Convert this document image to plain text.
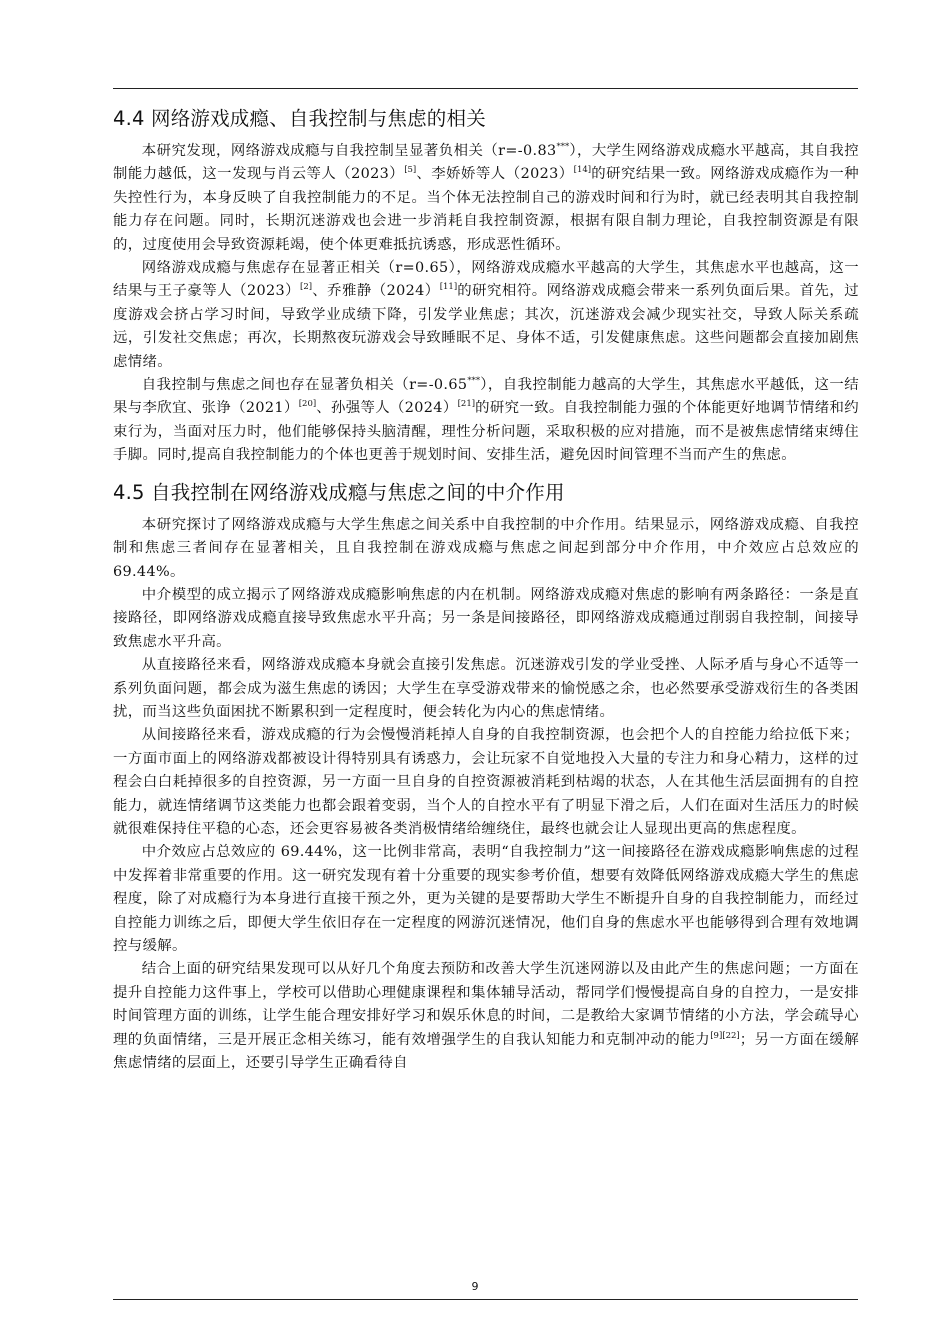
4.4 网络游戏成瘾、自我控制与焦虑的相关

本研究发现，网络游戏成瘾与自我控制呈显著负相关（r=-0.83***），大学生网络游戏成瘾水平越高，其自我控制能力越低，这一发现与肖云等人（2023）[5]、李娇娇等人（2023）[14]的研究结果一致。网络游戏成瘾作为一种失控性行为，本身反映了自我控制能力的不足。当个体无法控制自己的游戏时间和行为时，就已经表明其自我控制能力存在问题。同时，长期沉迷游戏也会进一步消耗自我控制资源，根据有限自制力理论，自我控制资源是有限的，过度使用会导致资源耗竭，使个体更难抵抗诱惑，形成恶性循环。

网络游戏成瘾与焦虑存在显著正相关（r=0.65），网络游戏成瘾水平越高的大学生，其焦虑水平也越高，这一结果与王子豪等人（2023）[2]、乔雅静（2024）[11]的研究相符。网络游戏成瘾会带来一系列负面后果。首先，过度游戏会挤占学习时间，导致学业成绩下降，引发学业焦虑；其次，沉迷游戏会减少现实社交，导致人际关系疏远，引发社交焦虑；再次，长期熬夜玩游戏会导致睡眠不足、身体不适，引发健康焦虑。这些问题都会直接加剧焦虑情绪。

自我控制与焦虑之间也存在显著负相关（r=-0.65***），自我控制能力越高的大学生，其焦虑水平越低，这一结果与李欣宜、张诤（2021）[20]、孙强等人（2024）[21]的研究一致。自我控制能力强的个体能更好地调节情绪和约束行为，当面对压力时，他们能够保持头脑清醒，理性分析问题，采取积极的应对措施，而不是被焦虑情绪束缚住手脚。同时,提高自我控制能力的个体也更善于规划时间、安排生活，避免因时间管理不当而产生的焦虑。

4.5 自我控制在网络游戏成瘾与焦虑之间的中介作用

本研究探讨了网络游戏成瘾与大学生焦虑之间关系中自我控制的中介作用。结果显示，网络游戏成瘾、自我控制和焦虑三者间存在显著相关，且自我控制在游戏成瘾与焦虑之间起到部分中介作用，中介效应占总效应的 69.44%。

中介模型的成立揭示了网络游戏成瘾影响焦虑的内在机制。网络游戏成瘾对焦虑的影响有两条路径：一条是直接路径，即网络游戏成瘾直接导致焦虑水平升高；另一条是间接路径，即网络游戏成瘾通过削弱自我控制，间接导致焦虑水平升高。

从直接路径来看，网络游戏成瘾本身就会直接引发焦虑。沉迷游戏引发的学业受挫、人际矛盾与身心不适等一系列负面问题，都会成为滋生焦虑的诱因；大学生在享受游戏带来的愉悦感之余，也必然要承受游戏衍生的各类困扰，而当这些负面困扰不断累积到一定程度时，便会转化为内心的焦虑情绪。

从间接路径来看，游戏成瘾的行为会慢慢消耗掉人自身的自我控制资源，也会把个人的自控能力给拉低下来；一方面市面上的网络游戏都被设计得特别具有诱惑力，会让玩家不自觉地投入大量的专注力和身心精力，这样的过程会白白耗掉很多的自控资源，另一方面一旦自身的自控资源被消耗到枯竭的状态，人在其他生活层面拥有的自控能力，就连情绪调节这类能力也都会跟着变弱，当个人的自控水平有了明显下滑之后，人们在面对生活压力的时候就很难保持住平稳的心态，还会更容易被各类消极情绪给缠绕住，最终也就会让人显现出更高的焦虑程度。

中介效应占总效应的 69.44%，这一比例非常高，表明“自我控制力”这一间接路径在游戏成瘾影响焦虑的过程中发挥着非常重要的作用。这一研究发现有着十分重要的现实参考价值，想要有效降低网络游戏成瘾大学生的焦虑程度，除了对成瘾行为本身进行直接干预之外，更为关键的是要帮助大学生不断提升自身的自我控制能力，而经过自控能力训练之后，即便大学生依旧存在一定程度的网游沉迷情况，他们自身的焦虑水平也能够得到合理有效地调控与缓解。

结合上面的研究结果发现可以从好几个角度去预防和改善大学生沉迷网游以及由此产生的焦虑问题；一方面在提升自控能力这件事上，学校可以借助心理健康课程和集体辅导活动，帮同学们慢慢提高自身的自控力，一是安排时间管理方面的训练，让学生能合理安排好学习和娱乐休息的时间，二是教给大家调节情绪的小方法，学会疏导心理的负面情绪，三是开展正念相关练习，能有效增强学生的自我认知能力和克制冲动的能力[9][22]；另一方面在缓解焦虑情绪的层面上，还要引导学生正确看待自

9
